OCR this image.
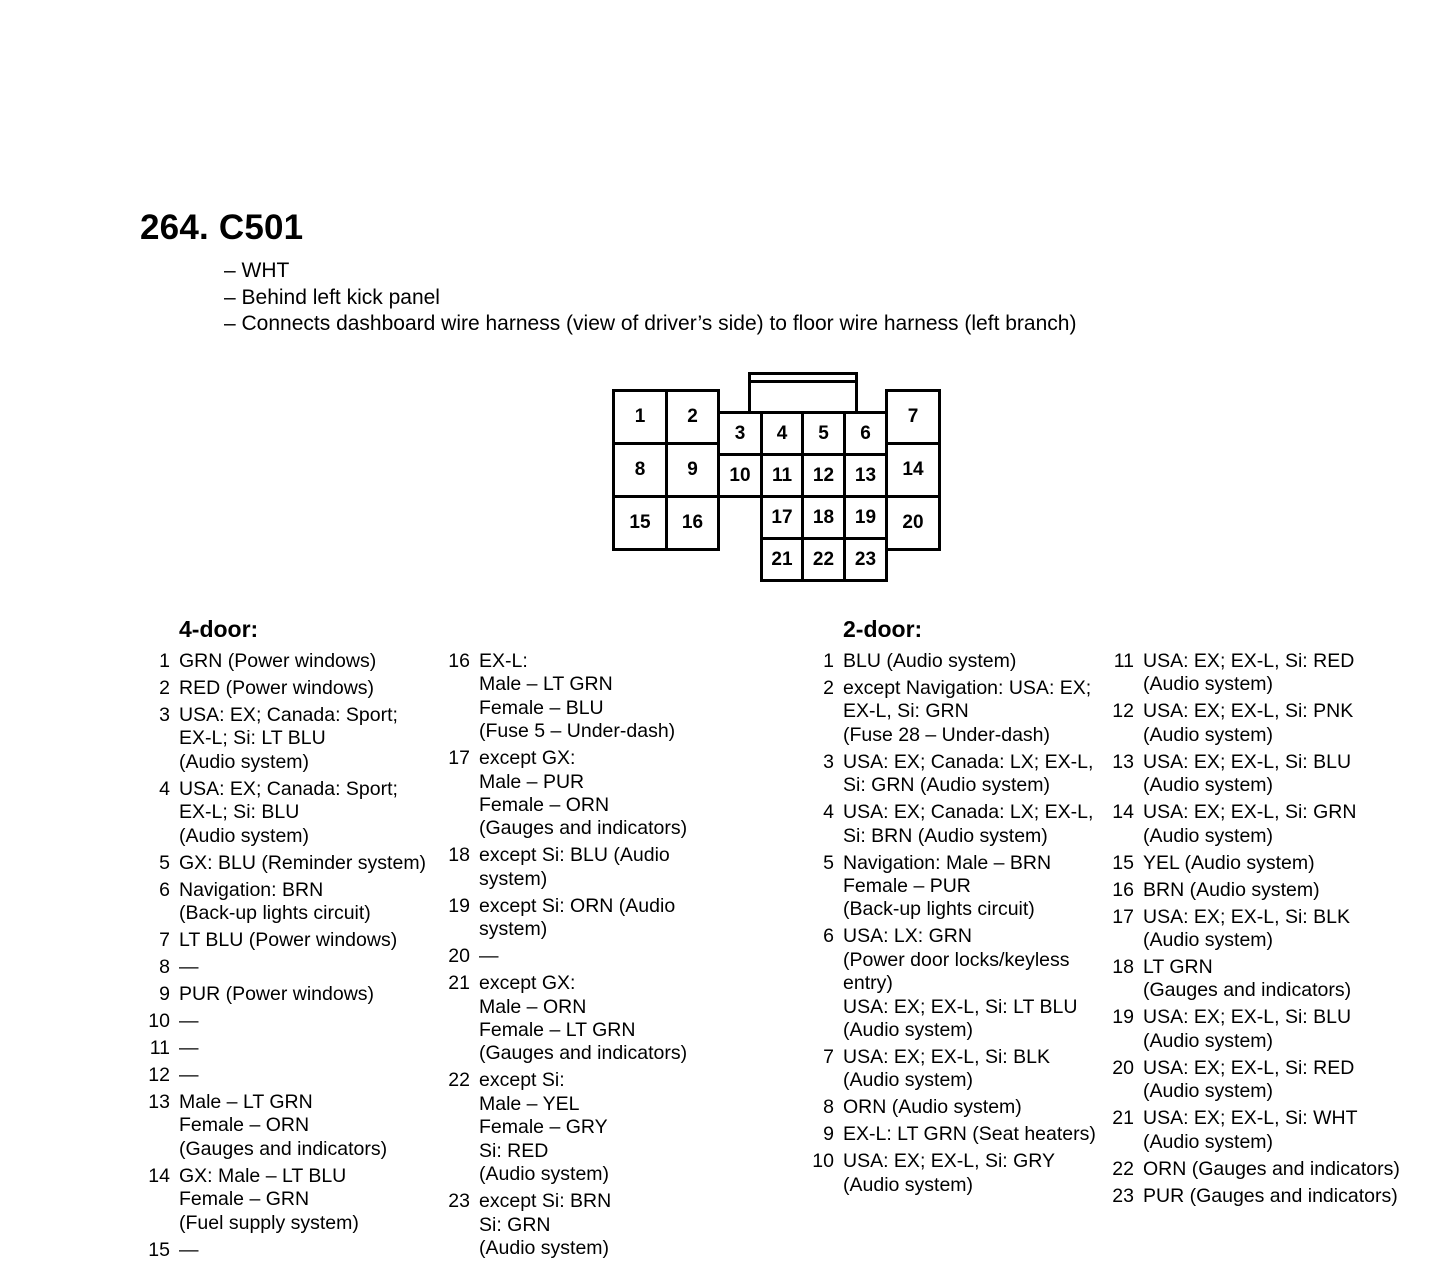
264. C501
– WHT
– Behind left kick panel
– Connects dashboard wire harness (view of driver’s side) to floor wire harness (left branch)
1	2
3	4	5	6
7
8	9	10	11	12	13	14
15	16	17	18	19	20
21	22	23
4-door:	2-door:
1 GRN (Power windows)
2 RED (Power windows)
3 USA: EX; Canada: Sport;
EX-L; Si: LT BLU
(Audio system)
4 USA: EX; Canada: Sport;
EX-L; Si: BLU
(Audio system)
5 GX: BLU (Reminder system)
6 Navigation: BRN
(Back-up lights circuit)
7 LT BLU (Power windows)
8 —
9 PUR (Power windows)
10 —
11 —
12 —
13 Male – LT GRN
Female – ORN
(Gauges and indicators)
14 GX: Male – LT BLU
Female – GRN
(Fuel supply system)
15 —
16 EX-L:
Male – LT GRN
Female – BLU
(Fuse 5 – Under-dash)
17 except GX:
Male – PUR
Female – ORN
(Gauges and indicators)
18 except Si: BLU (Audio
system)
19 except Si: ORN (Audio
system)
20 —
21 except GX:
Male – ORN
Female – LT GRN
(Gauges and indicators)
22 except Si:
Male – YEL
Female – GRY
Si: RED
(Audio system)
23 except Si: BRN
Si: GRN
(Audio system)
1 BLU (Audio system)
2 except Navigation: USA: EX;
EX-L, Si: GRN
(Fuse 28 – Under-dash)
3 USA: EX; Canada: LX; EX-L,
Si: GRN (Audio system)
4 USA: EX; Canada: LX; EX-L,
Si: BRN (Audio system)
5 Navigation: Male – BRN
Female – PUR
(Back-up lights circuit)
6 USA: LX: GRN
(Power door locks/keyless
entry)
USA: EX; EX-L, Si: LT BLU
(Audio system)
7 USA: EX; EX-L, Si: BLK
(Audio system)
8 ORN (Audio system)
9 EX-L: LT GRN (Seat heaters)
10 USA: EX; EX-L, Si: GRY
(Audio system)
11 USA: EX; EX-L, Si: RED
(Audio system)
12 USA: EX; EX-L, Si: PNK
(Audio system)
13 USA: EX; EX-L, Si: BLU
(Audio system)
14 USA: EX; EX-L, Si: GRN
(Audio system)
15 YEL (Audio system)
16 BRN (Audio system)
17 USA: EX; EX-L, Si: BLK
(Audio system)
18 LT GRN
(Gauges and indicators)
19 USA: EX; EX-L, Si: BLU
(Audio system)
20 USA: EX; EX-L, Si: RED
(Audio system)
21 USA: EX; EX-L, Si: WHT
(Audio system)
22 ORN (Gauges and indicators)
23 PUR (Gauges and indicators)
